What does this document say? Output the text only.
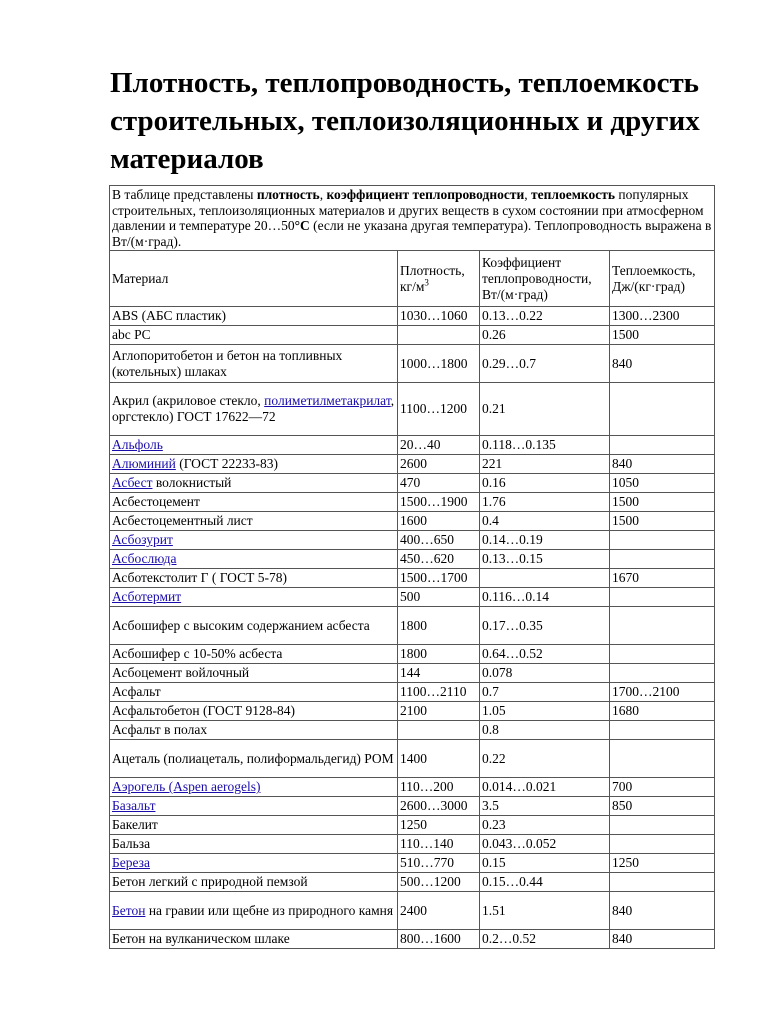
Плотность, теплопроводность, теплоемкость строительных, теплоизоляционных и других материалов
В таблице представлены плотность, коэффициент теплопроводности, теплоемкость популярных строительных, теплоизоляционных материалов и других веществ в сухом состоянии при атмосферном давлении и температуре 20…50°С (если не указана другая температура). Теплопроводность выражена в Вт/(м·град).			
Материал	Плотность, $кг/м^3$	Коэффициент теплопроводности, Вт/(м·град)	Теплоемкость, Дж/(кг·град)
ABS (АБС пластик)	1030…1060	0.13…0.22	1300…2300
abc PC		0.26	1500
Аглопоритобетон и бетон на топливных (котельных) шлаках	1000…1800	0.29…0.7	840
Акрил (акриловое стекло, полиметилметакрилат, оргстекло) ГОСТ 17622—72	1100…1200	0.21	
Альфоль	20…40	0.118…0.135	
Алюминий (ГОСТ 22233-83)	2600	221	840
Асбест волокнистый	470	0.16	1050
Асбестоцемент	1500…1900	1.76	1500
Асбестоцементный лист	1600	0.4	1500
Асбозурит	400…650	0.14…0.19	
Асбослюда	450…620	0.13…0.15	
Асботекстолит Г ( ГОСТ 5-78)	1500…1700		1670
Асботермит	500	0.116…0.14	
Асбошифер с высоким содержанием асбеста	1800	0.17…0.35	
Асбошифер с 10-50% асбеста	1800	0.64…0.52	
Асбоцемент войлочный	144	0.078	
Асфальт	1100…2110	0.7	1700…2100
Асфальтобетон (ГОСТ 9128-84)	2100	1.05	1680
Асфальт в полах		0.8	
Ацеталь (полиацеталь, полиформальдегид) POM	1400	0.22	
Аэрогель (Aspen aerogels)	110…200	0.014…0.021	700
Базальт	2600…3000	3.5	850
Бакелит	1250	0.23	
Бальза	110…140	0.043…0.052	
Береза	510…770	0.15	1250
Бетон легкий с природной пемзой	500…1200	0.15…0.44	
Бетон на гравии или щебне из природного камня	2400	1.51	840
Бетон на вулканическом шлаке	800…1600	0.2…0.52	840
